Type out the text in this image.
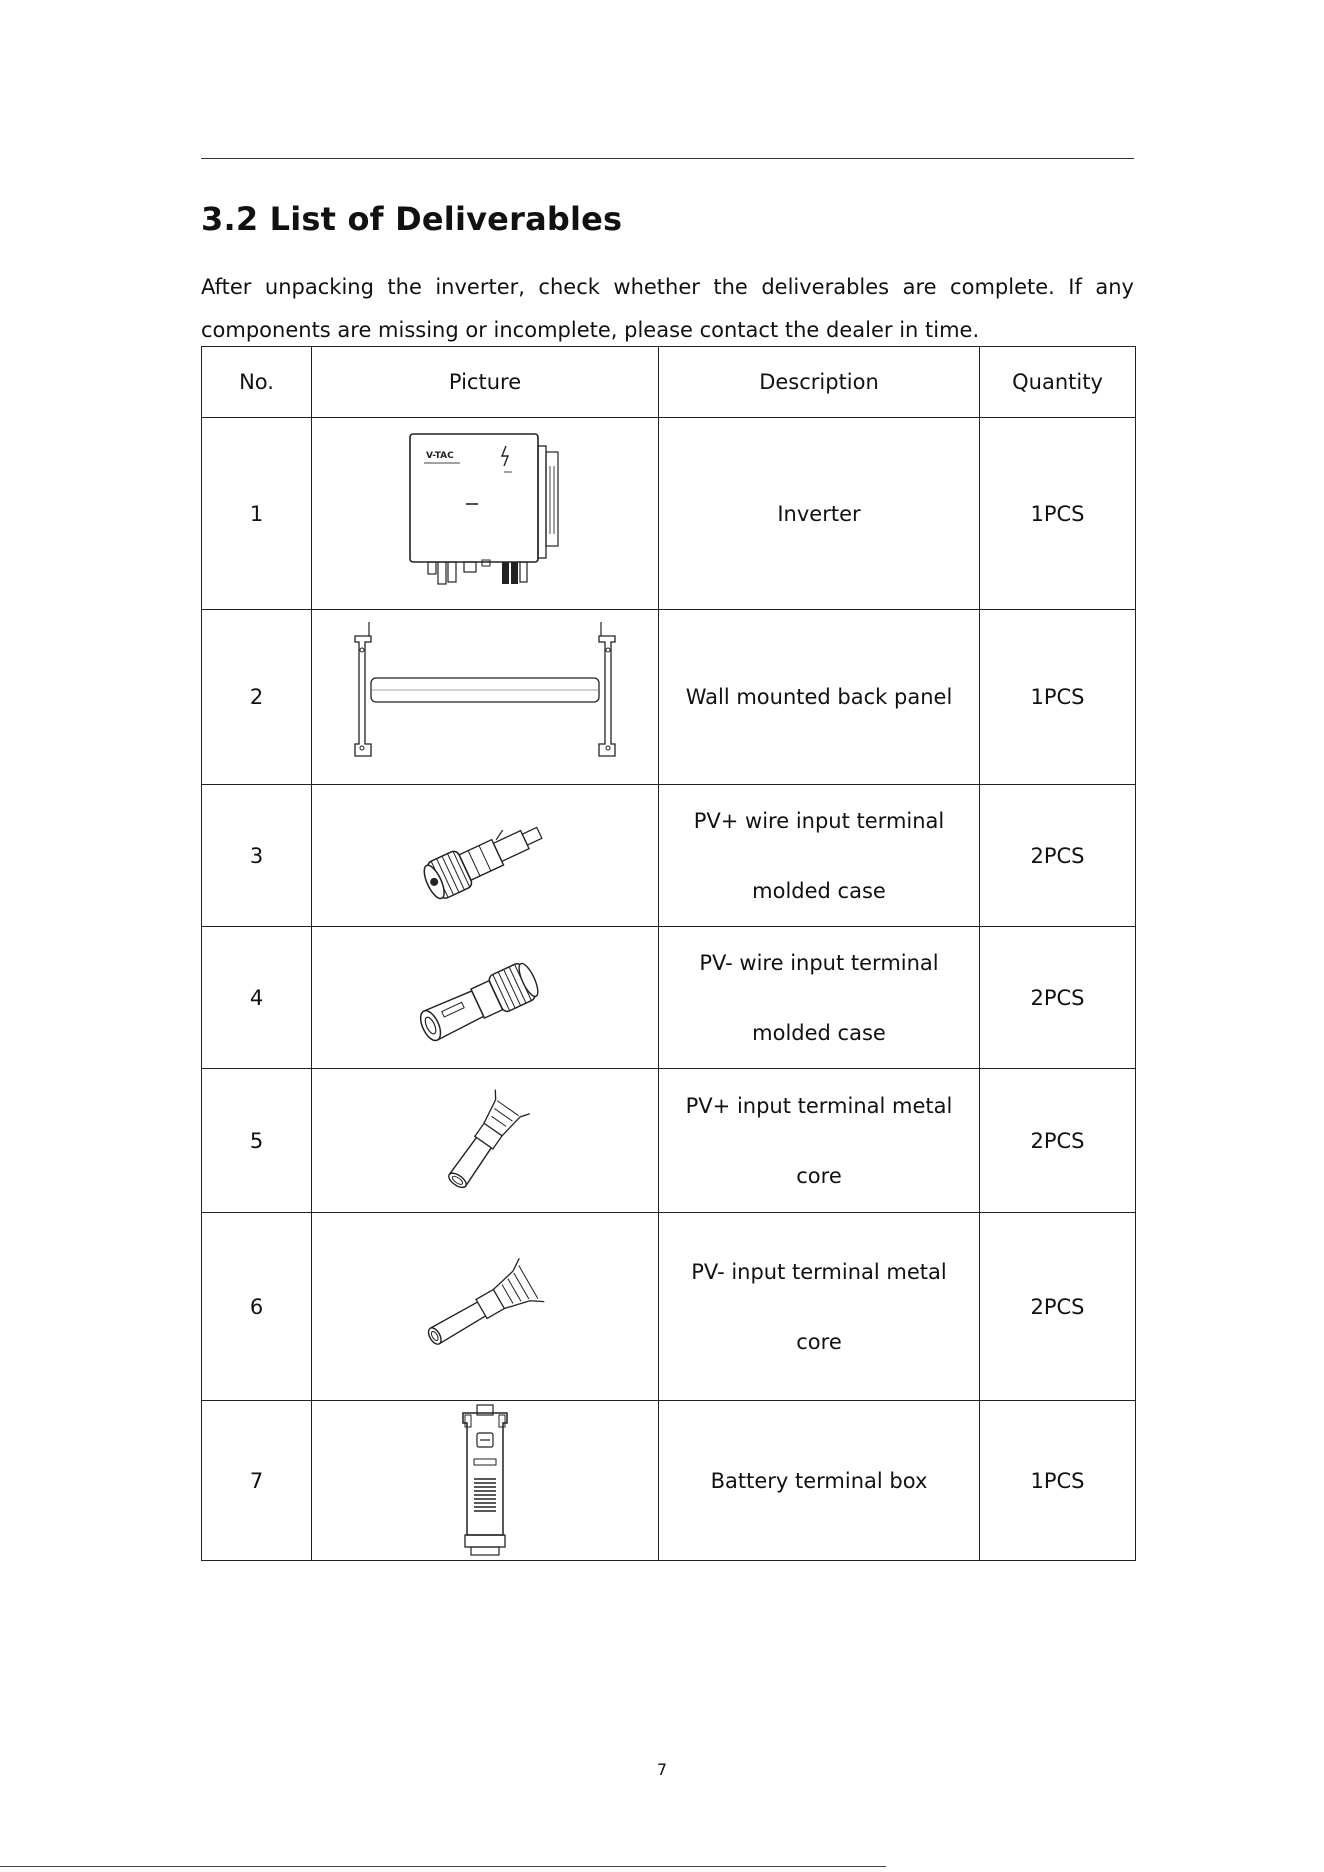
3.2 List of Deliverables

After unpacking the inverter, check whether the deliverables are complete. If any components are missing or incomplete, please contact the dealer in time.

No.	Picture	Description	Quantity
1	V-TAC	Inverter	1PCS
2		Wall mounted back panel	1PCS
3		PV+ wire input terminal
molded case	2PCS
4		PV- wire input terminal
molded case	2PCS
5		PV+ input terminal metal
core	2PCS
6		PV- input terminal metal
core	2PCS
7		Battery terminal box	1PCS
7
